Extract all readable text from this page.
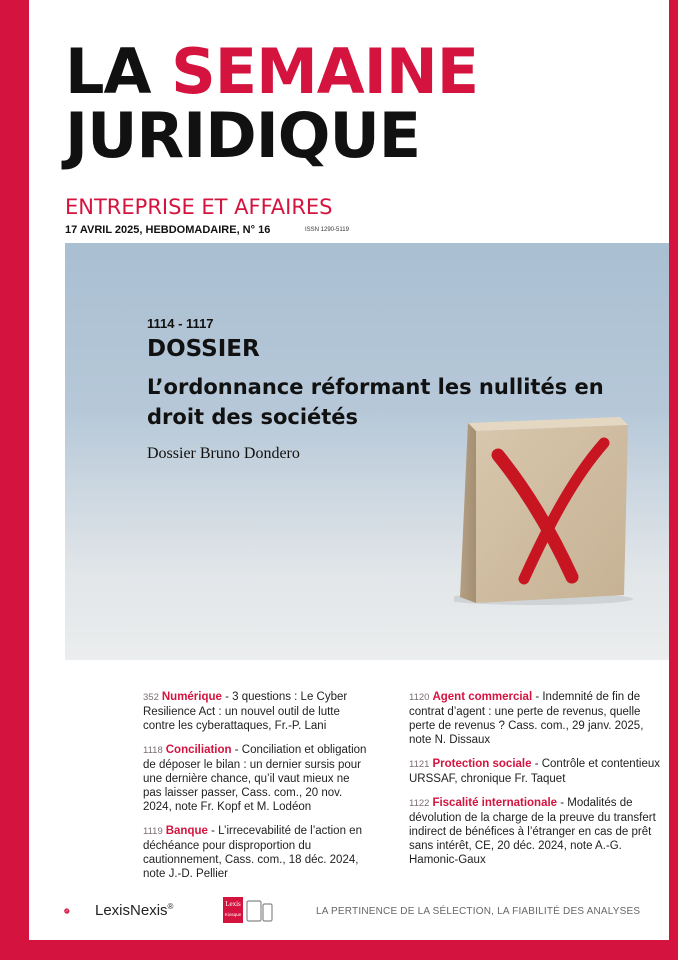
LA SEMAINE
JURIDIQUE
ENTREPRISE ET AFFAIRES
17 AVRIL 2025, HEBDOMADAIRE, N° 16	ISSN 1290-5119
352 Numérique - 3 questions : Le Cyber Resilience Act : un nouvel outil de lutte contre les cyberattaques, Fr.-P. Lani
1118 Conciliation - Conciliation et obligation de déposer le bilan : un dernier sursis pour une dernière chance, qu’il vaut mieux ne pas laisser passer, Cass. com., 20 nov. 2024, note Fr. Kopf et M. Lodéon
1119 Banque - L’irrecevabilité de l’action en déchéance pour disproportion du cautionnement, Cass. com., 18 déc. 2024, note J.-D. Pellier
1120 Agent commercial - Indemnité de fin de contrat d’agent : une perte de revenus, quelle perte de revenus ? Cass. com., 29 janv. 2025, note N. Dissaux
1121 Protection sociale - Contrôle et contentieux URSSAF, chronique Fr. Taquet
1122 Fiscalité internationale - Modalités de dévolution de la charge de la preuve du transfert indirect de bénéfices à l’étranger en cas de prêt sans intérêt, CE, 20 déc. 2024, note A.-G. Hamonic-Gaux
LexisNexis®	Lexis
Kiosque	LA PERTINENCE DE LA SÉLECTION, LA FIABILITÉ DES ANALYSES
1114 - 1117
DOSSIER
L’ordonnance réformant les nullités en droit des sociétés
Dossier Bruno Dondero
